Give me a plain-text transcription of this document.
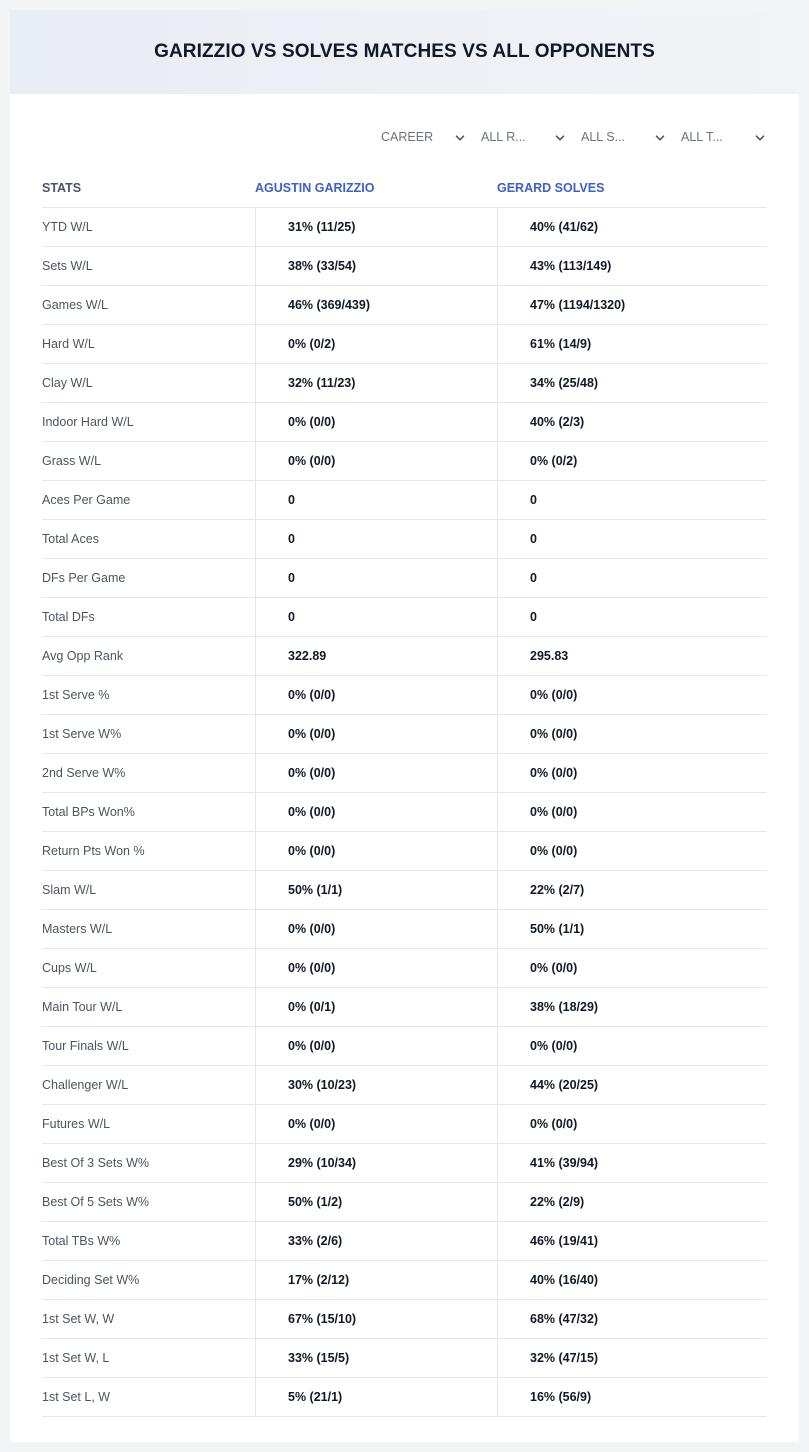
GARIZZIO VS SOLVES MATCHES VS ALL OPPONENTS
CAREER	ALL R...	ALL S...	ALL T...
STATS	AGUSTIN GARIZZIO	GERARD SOLVES
YTD W/L	31% (11/25)	40% (41/62)
Sets W/L	38% (33/54)	43% (113/149)
Games W/L	46% (369/439)	47% (1194/1320)
Hard W/L	0% (0/2)	61% (14/9)
Clay W/L	32% (11/23)	34% (25/48)
Indoor Hard W/L	0% (0/0)	40% (2/3)
Grass W/L	0% (0/0)	0% (0/2)
Aces Per Game	0	0
Total Aces	0	0
DFs Per Game	0	0
Total DFs	0	0
Avg Opp Rank	322.89	295.83
1st Serve %	0% (0/0)	0% (0/0)
1st Serve W%	0% (0/0)	0% (0/0)
2nd Serve W%	0% (0/0)	0% (0/0)
Total BPs Won%	0% (0/0)	0% (0/0)
Return Pts Won %	0% (0/0)	0% (0/0)
Slam W/L	50% (1/1)	22% (2/7)
Masters W/L	0% (0/0)	50% (1/1)
Cups W/L	0% (0/0)	0% (0/0)
Main Tour W/L	0% (0/1)	38% (18/29)
Tour Finals W/L	0% (0/0)	0% (0/0)
Challenger W/L	30% (10/23)	44% (20/25)
Futures W/L	0% (0/0)	0% (0/0)
Best Of 3 Sets W%	29% (10/34)	41% (39/94)
Best Of 5 Sets W%	50% (1/2)	22% (2/9)
Total TBs W%	33% (2/6)	46% (19/41)
Deciding Set W%	17% (2/12)	40% (16/40)
1st Set W, W	67% (15/10)	68% (47/32)
1st Set W, L	33% (15/5)	32% (47/15)
1st Set L, W	5% (21/1)	16% (56/9)
